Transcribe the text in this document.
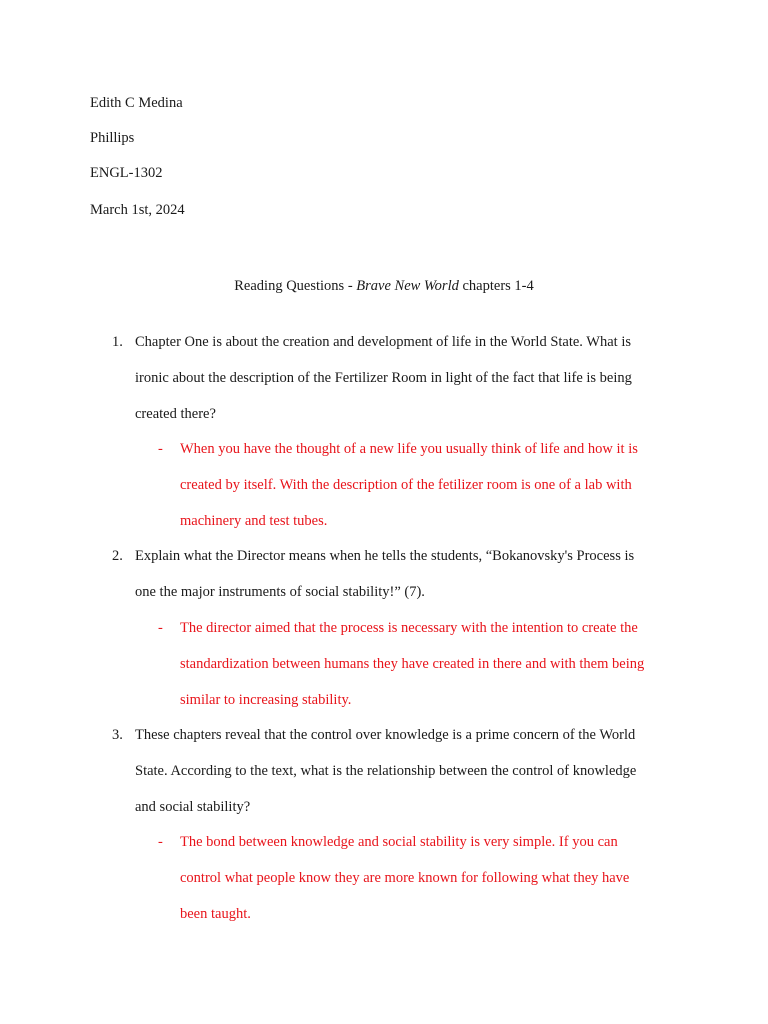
Edith C Medina
Phillips
ENGL-1302
March 1st, 2024
Reading Questions - Brave New World chapters 1-4
1. Chapter One is about the creation and development of life in the World State. What is
ironic about the description of the Fertilizer Room in light of the fact that life is being
created there?
- When you have the thought of a new life you usually think of life and how it is
created by itself. With the description of the fetilizer room is one of a lab with
machinery and test tubes.
2. Explain what the Director means when he tells the students, “Bokanovsky's Process is
one the major instruments of social stability!” (7).
- The director aimed that the process is necessary with the intention to create the
standardization between humans they have created in there and with them being
similar to increasing stability.
3. These chapters reveal that the control over knowledge is a prime concern of the World
State. According to the text, what is the relationship between the control of knowledge
and social stability?
- The bond between knowledge and social stability is very simple. If you can
control what people know they are more known for following what they have
been taught.
